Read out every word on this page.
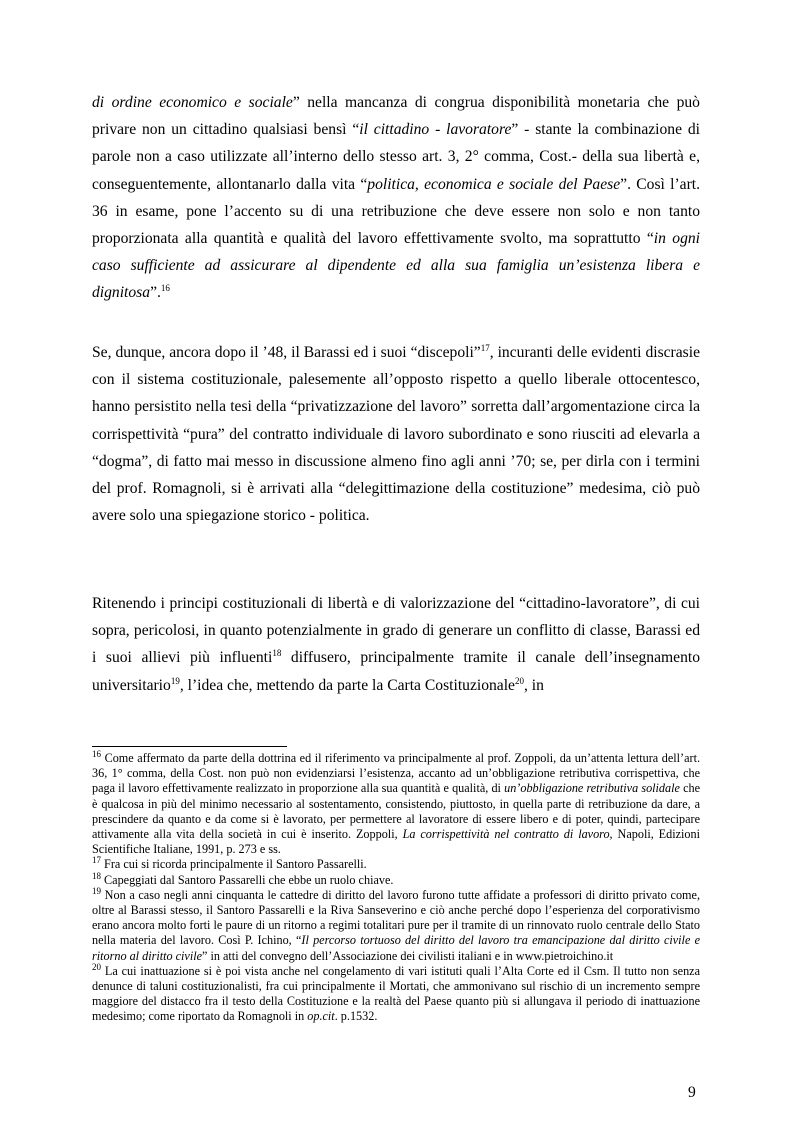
di ordine economico e sociale” nella mancanza di congrua disponibilità monetaria che può privare non un cittadino qualsiasi bensì “il cittadino - lavoratore” - stante la combinazione di parole non a caso utilizzate all’interno dello stesso art. 3, 2° comma, Cost.- della sua libertà e, conseguentemente, allontanarlo dalla vita “politica, economica e sociale del Paese”. Così l’art. 36 in esame, pone l’accento su di una retribuzione che deve essere non solo e non tanto proporzionata alla quantità e qualità del lavoro effettivamente svolto, ma soprattutto “in ogni caso sufficiente ad assicurare al dipendente ed alla sua famiglia un’esistenza libera e dignitosa”.$^{16}$

Se, dunque, ancora dopo il ’48, il Barassi ed i suoi “discepoli”$^{17}$, incuranti delle evidenti discrasie con il sistema costituzionale, palesemente all’opposto rispetto a quello liberale ottocentesco, hanno persistito nella tesi della “privatizzazione del lavoro” sorretta dall’argomentazione circa la corrispettività “pura” del contratto individuale di lavoro subordinato e sono riusciti ad elevarla a “dogma”, di fatto mai messo in discussione almeno fino agli anni ’70; se, per dirla con i termini del prof. Romagnoli, si è arrivati alla “delegittimazione della costituzione” medesima, ciò può avere solo una spiegazione storico - politica.

Ritenendo i principi costituzionali di libertà e di valorizzazione del “cittadino-lavoratore”, di cui sopra, pericolosi, in quanto potenzialmente in grado di generare un conflitto di classe, Barassi ed i suoi allievi più influenti$^{18}$ diffusero, principalmente tramite il canale dell’insegnamento universitario$^{19}$, l’idea che, mettendo da parte la Carta Costituzionale$^{20}$, in

$^{16}$ Come affermato da parte della dottrina ed il riferimento va principalmente al prof. Zoppoli, da un’attenta lettura dell’art. 36, 1° comma, della Cost. non può non evidenziarsi l’esistenza, accanto ad un’obbligazione retributiva corrispettiva, che paga il lavoro effettivamente realizzato in proporzione alla sua quantità e qualità, di un’obbligazione retributiva solidale che è qualcosa in più del minimo necessario al sostentamento, consistendo, piuttosto, in quella parte di retribuzione da dare, a prescindere da quanto e da come si è lavorato, per permettere al lavoratore di essere libero e di poter, quindi, partecipare attivamente alla vita della società in cui è inserito. Zoppoli, La corrispettività nel contratto di lavoro, Napoli, Edizioni Scientifiche Italiane, 1991, p. 273 e ss.

$^{17}$ Fra cui si ricorda principalmente il Santoro Passarelli.

$^{18}$ Capeggiati dal Santoro Passarelli che ebbe un ruolo chiave.

$^{19}$ Non a caso negli anni cinquanta le cattedre di diritto del lavoro furono tutte affidate a professori di diritto privato come, oltre al Barassi stesso, il Santoro Passarelli e la Riva Sanseverino e ciò anche perché dopo l’esperienza del corporativismo erano ancora molto forti le paure di un ritorno a regimi totalitari pure per il tramite di un rinnovato ruolo centrale dello Stato nella materia del lavoro. Così P. Ichino, “Il percorso tortuoso del diritto del lavoro tra emancipazione dal diritto civile e ritorno al diritto civile” in atti del convegno dell’Associazione dei civilisti italiani e in www.pietroichino.it

$^{20}$ La cui inattuazione si è poi vista anche nel congelamento di vari istituti quali l’Alta Corte ed il Csm. Il tutto non senza denunce di taluni costituzionalisti, fra cui principalmente il Mortati, che ammonivano sul rischio di un incremento sempre maggiore del distacco fra il testo della Costituzione e la realtà del Paese quanto più si allungava il periodo di inattuazione medesimo; come riportato da Romagnoli in op.cit. p.1532.

9
